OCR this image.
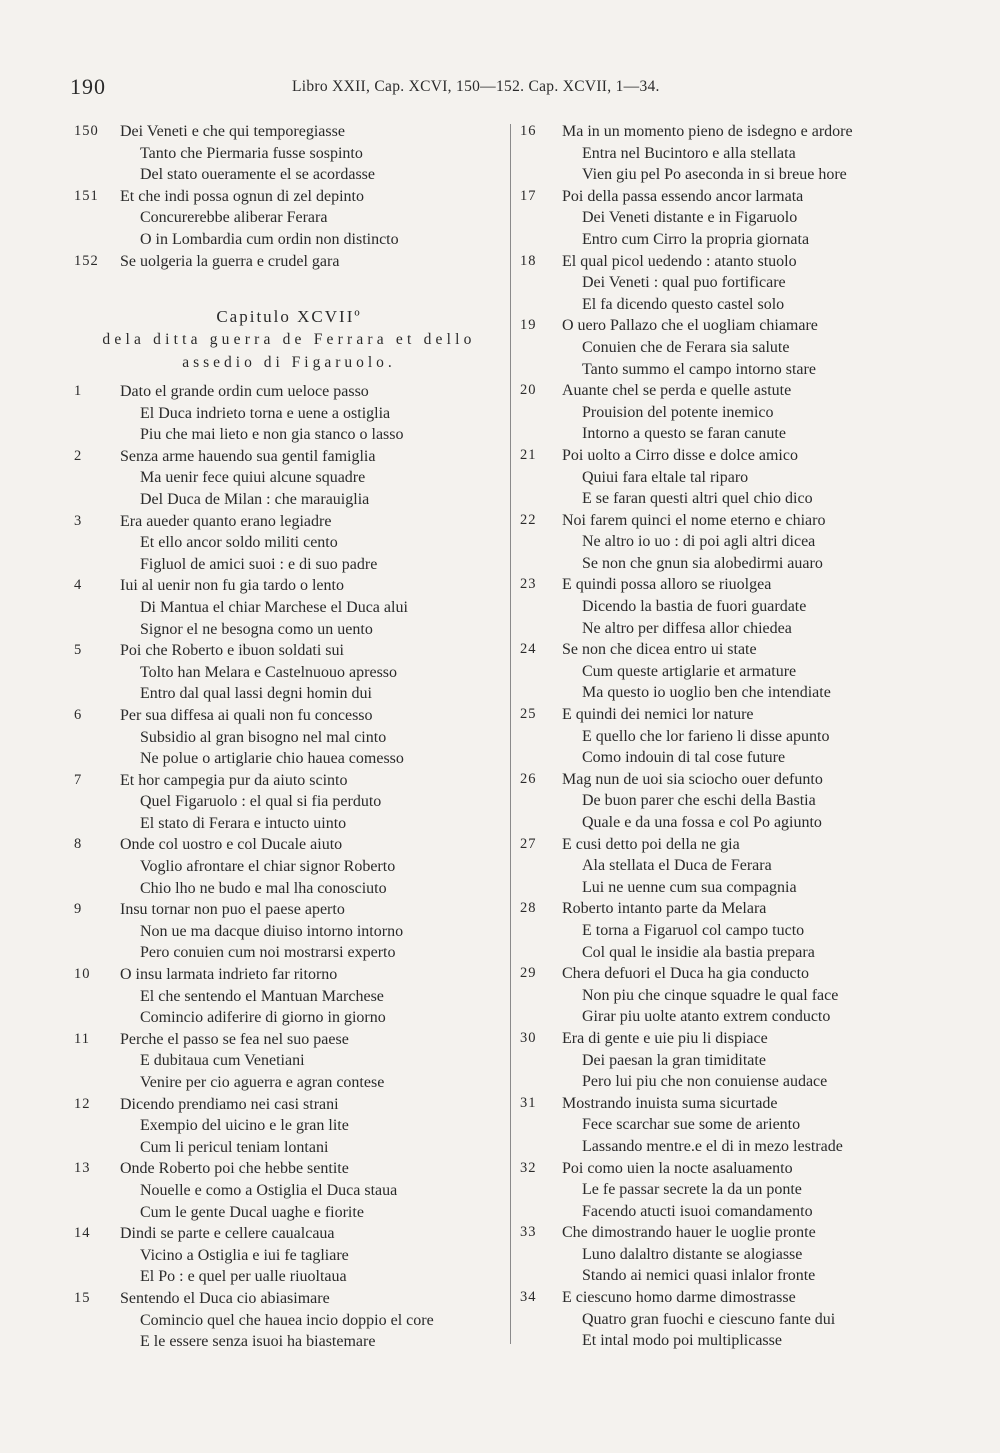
190	Libro XXII, Cap. XCVI, 150—152. Cap. XCVII, 1—34.
150 Dei Veneti e che qui temporegiasse
Tanto che Piermaria fusse sospinto
Del stato oueramente el se acordasse
151 Et che indi possa ognun di zel depinto
Concurerebbe aliberar Ferara
O in Lombardia cum ordin non distincto
152 Se uolgeria la guerra e crudel gara
Capitulo XCVIIº
dela ditta guerra de Ferrara et dello
assedio di Figaruolo.
1 Dato el grande ordin cum ueloce passo
El Duca indrieto torna e uene a ostiglia
Piu che mai lieto e non gia stanco o lasso
2 Senza arme hauendo sua gentil famiglia
Ma uenir fece quiui alcune squadre
Del Duca de Milan : che marauiglia
3 Era aueder quanto erano legiadre
Et ello ancor soldo militi cento
Figluol de amici suoi : e di suo padre
4 Iui al uenir non fu gia tardo o lento
Di Mantua el chiar Marchese el Duca alui
Signor el ne besogna como un uento
5 Poi che Roberto e ibuon soldati sui
Tolto han Melara e Castelnuouo apresso
Entro dal qual lassi degni homin dui
6 Per sua diffesa ai quali non fu concesso
Subsidio al gran bisogno nel mal cinto
Ne polue o artiglarie chio hauea comesso
7 Et hor campegia pur da aiuto scinto
Quel Figaruolo : el qual si fia perduto
El stato di Ferara e intucto uinto
8 Onde col uostro e col Ducale aiuto
Voglio afrontare el chiar signor Roberto
Chio lho ne budo e mal lha conosciuto
9 Insu tornar non puo el paese aperto
Non ue ma dacque diuiso intorno intorno
Pero conuien cum noi mostrarsi experto
10 O insu larmata indrieto far ritorno
El che sentendo el Mantuan Marchese
Comincio adiferire di giorno in giorno
11 Perche el passo se fea nel suo paese
E dubitaua cum Venetiani
Venire per cio aguerra e agran contese
12 Dicendo prendiamo nei casi strani
Exempio del uicino e le gran lite
Cum li pericul teniam lontani
13 Onde Roberto poi che hebbe sentite
Nouelle e como a Ostiglia el Duca staua
Cum le gente Ducal uaghe e fiorite
14 Dindi se parte e cellere caualcaua
Vicino a Ostiglia e iui fe tagliare
El Po : e quel per ualle riuoltaua
15 Sentendo el Duca cio abiasimare
Comincio quel che hauea incio doppio el core
E le essere senza isuoi ha biastemare
16 Ma in un momento pieno de isdegno e ardore
Entra nel Bucintoro e alla stellata
Vien giu pel Po aseconda in si breue hore
17 Poi della passa essendo ancor larmata
Dei Veneti distante e in Figaruolo
Entro cum Cirro la propria giornata
18 El qual picol uedendo : atanto stuolo
Dei Veneti : qual puo fortificare
El fa dicendo questo castel solo
19 O uero Pallazo che el uogliam chiamare
Conuien che de Ferara sia salute
Tanto summo el campo intorno stare
20 Auante chel se perda e quelle astute
Prouision del potente inemico
Intorno a questo se faran canute
21 Poi uolto a Cirro disse e dolce amico
Quiui fara eltale tal riparo
E se faran questi altri quel chio dico
22 Noi farem quinci el nome eterno e chiaro
Ne altro io uo : di poi agli altri dicea
Se non che gnun sia alobedirmi auaro
23 E quindi possa alloro se riuolgea
Dicendo la bastia de fuori guardate
Ne altro per diffesa allor chiedea
24 Se non che dicea entro ui state
Cum queste artiglarie et armature
Ma questo io uoglio ben che intendiate
25 E quindi dei nemici lor nature
E quello che lor farieno li disse apunto
Como indouin di tal cose future
26 Mag nun de uoi sia sciocho ouer defunto
De buon parer che eschi della Bastia
Quale e da una fossa e col Po agiunto
27 E cusi detto poi della ne gia
Ala stellata el Duca de Ferara
Lui ne uenne cum sua compagnia
28 Roberto intanto parte da Melara
E torna a Figaruol col campo tucto
Col qual le insidie ala bastia prepara
29 Chera defuori el Duca ha gia conducto
Non piu che cinque squadre le qual face
Girar piu uolte atanto extrem conducto
30 Era di gente e uie piu li dispiace
Dei paesan la gran timiditate
Pero lui piu che non conuiense audace
31 Mostrando inuista suma sicurtade
Fece scarchar sue some de ariento
Lassando mentre.e el di in mezo lestrade
32 Poi como uien la nocte asaluamento
Le fe passar secrete la da un ponte
Facendo atucti isuoi comandamento
33 Che dimostrando hauer le uoglie pronte
Luno dalaltro distante se alogiasse
Stando ai nemici quasi inlalor fronte
34 E ciescuno homo darme dimostrasse
Quatro gran fuochi e ciescuno fante dui
Et intal modo poi multiplicasse
